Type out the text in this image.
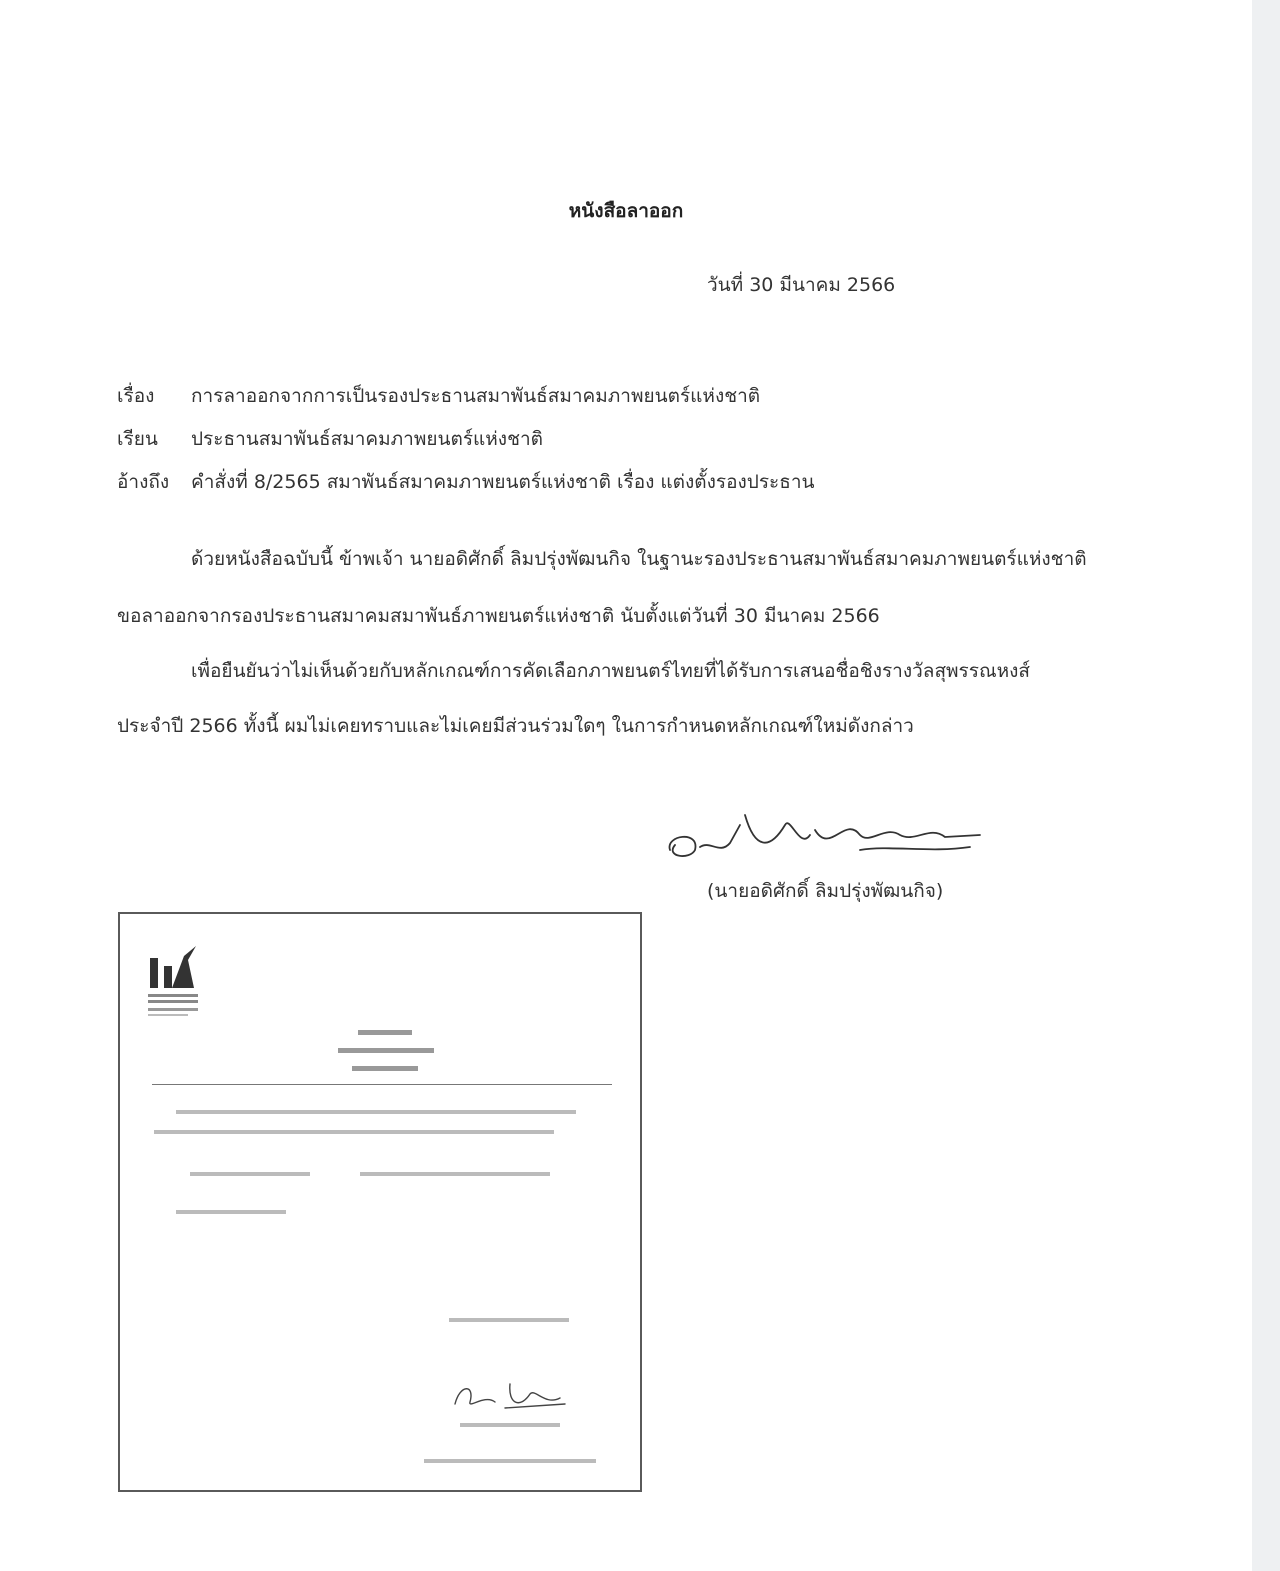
หนังสือลาออก
วันที่ 30 มีนาคม 2566
เรื่อง การลาออกจากการเป็นรองประธานสมาพันธ์สมาคมภาพยนตร์แห่งชาติ
เรียน ประธานสมาพันธ์สมาคมภาพยนตร์แห่งชาติ
อ้างถึง คำสั่งที่ 8/2565 สมาพันธ์สมาคมภาพยนตร์แห่งชาติ เรื่อง แต่งตั้งรองประธาน
ด้วยหนังสือฉบับนี้ ข้าพเจ้า นายอดิศักดิ์ ลิมปรุ่งพัฒนกิจ ในฐานะรองประธานสมาพันธ์สมาคมภาพยนตร์แห่งชาติ
ขอลาออกจากรองประธานสมาคมสมาพันธ์ภาพยนตร์แห่งชาติ นับตั้งแต่วันที่ 30 มีนาคม 2566
เพื่อยืนยันว่าไม่เห็นด้วยกับหลักเกณฑ์การคัดเลือกภาพยนตร์ไทยที่ได้รับการเสนอชื่อชิงรางวัลสุพรรณหงส์
ประจำปี 2566 ทั้งนี้ ผมไม่เคยทราบและไม่เคยมีส่วนร่วมใดๆ ในการกำหนดหลักเกณฑ์ใหม่ดังกล่าว
(นายอดิศักดิ์ ลิมปรุ่งพัฒนกิจ)
